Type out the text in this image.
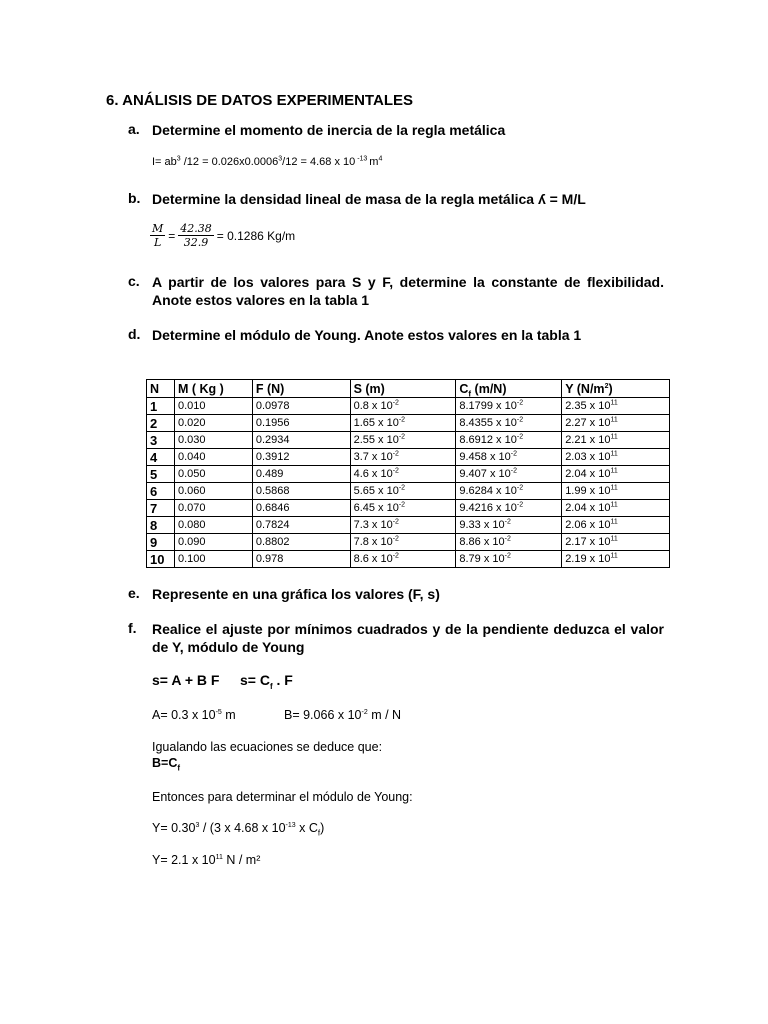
6. ANÁLISIS DE DATOS EXPERIMENTALES
a. Determine el momento de inercia de la regla metálica
$I= ab^3$ $/12 = 0.026x0.0006^3/12 = 4.68$ x 10 $^{-13}$ $m^4$
b. Determine la densidad lineal de masa de la regla metálica ʎ = M/L
$\frac{M}{L} = \frac{42.38}{32.9} = 0.1286$ Kg/m
c. A partir de los valores para S y F, determine la constante de flexibilidad.
Anote estos valores en la tabla 1
d. Determine el módulo de Young. Anote estos valores en la tabla 1
N	M ( Kg )	F (N)	S (m)	$C_f$ (m/N)	Y $(N/m^2)$
1	0.010	0.0978	0.8 x $10^{-2}$	8.1799 x $10^{-2}$	2.35 x $10^{11}$
2	0.020	0.1956	1.65 x $10^{-2}$	8.4355 x $10^{-2}$	2.27 x $10^{11}$
3	0.030	0.2934	2.55 x $10^{-2}$	8.6912 x $10^{-2}$	2.21 x $10^{11}$
4	0.040	0.3912	3.7 x $10^{-2}$	9.458 x $10^{-2}$	2.03 x $10^{11}$
5	0.050	0.489	4.6 x $10^{-2}$	9.407 x $10^{-2}$	2.04 x $10^{11}$
6	0.060	0.5868	5.65 x $10^{-2}$	9.6284 x $10^{-2}$	1.99 x $10^{11}$
7	0.070	0.6846	6.45 x $10^{-2}$	9.4216 x $10^{-2}$	2.04 x $10^{11}$
8	0.080	0.7824	7.3 x $10^{-2}$	9.33 x $10^{-2}$	2.06 x $10^{11}$
9	0.090	0.8802	7.8 x $10^{-2}$	8.86 x $10^{-2}$	2.17 x $10^{11}$
10	0.100	0.978	8.6 x $10^{-2}$	8.79 x $10^{-2}$	2.19 x $10^{11}$
e. Represente en una gráfica los valores (F, s)
f. Realice el ajuste por mínimos cuadrados y de la pendiente deduzca el valor
de Y, módulo de Young
s= A + B F $s= C_f$ . F
A= 0.3 x $10^{-5}$ m	B= 9.066 x $10^{-2}$ m / N
Igualando las ecuaciones se deduce que:
$B=C_f$
Entonces para determinar el módulo de Young:
$Y= 0.30^3 / (3$ x 4.68 x $10^{-13}$ x $C_f$)
Y= 2.1 x $10^{11}$ N / m²
